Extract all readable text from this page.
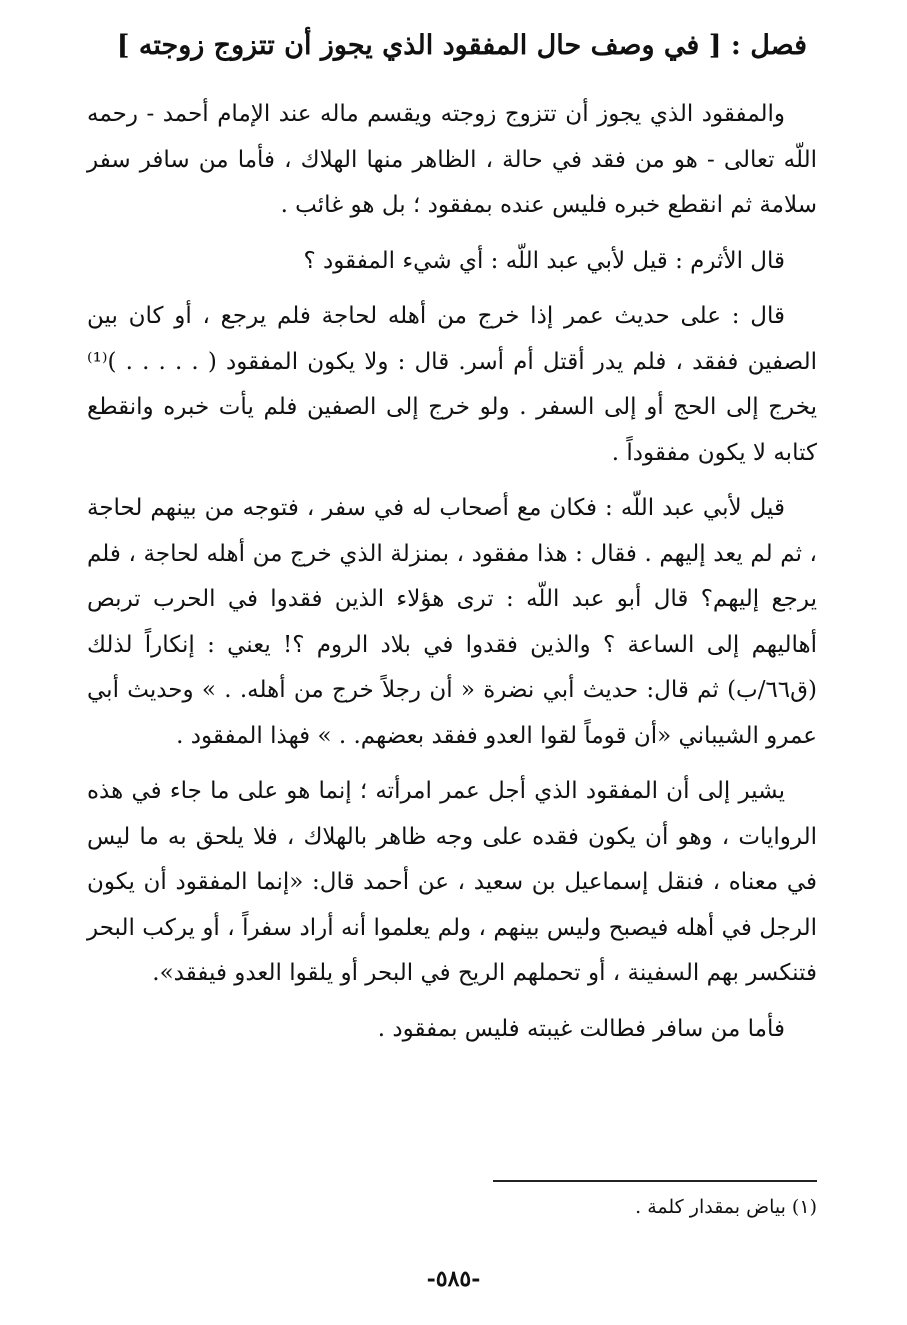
فصل : [ في وصف حال المفقود الذي يجوز أن تتزوج زوجته ]

والمفقود الذي يجوز أن تتزوج زوجته ويقسم ماله عند الإمام أحمد - رحمه اللّه تعالى - هو من فقد في حالة ، الظاهر منها الهلاك ، فأما من سافر سفر سلامة ثم انقطع خبره فليس عنده بمفقود ؛ بل هو غائب .

قال الأثرم : قيل لأبي عبد اللّه : أي شيء المفقود ؟

قال : على حديث عمر إذا خرج من أهله لحاجة فلم يرجع ، أو كان بين الصفين ففقد ، فلم يدر أقتل أم أسر. قال : ولا يكون المفقود ( . . . . . )⁽¹⁾ يخرج إلى الحج أو إلى السفر . ولو خرج إلى الصفين فلم يأت خبره وانقطع كتابه لا يكون مفقوداً .

قيل لأبي عبد اللّه : فكان مع أصحاب له في سفر ، فتوجه من بينهم لحاجة ، ثم لم يعد إليهم . فقال : هذا مفقود ، بمنزلة الذي خرج من أهله لحاجة ، فلم يرجع إليهم؟ قال أبو عبد اللّه : ترى هؤلاء الذين فقدوا في الحرب تربص أهاليهم إلى الساعة ؟ والذين فقدوا في بلاد الروم ؟! يعني : إنكاراً لذلك (ق٦٦/ب) ثم قال: حديث أبي نضرة « أن رجلاً خرج من أهله. . » وحديث أبي عمرو الشيباني «أن قوماً لقوا العدو ففقد بعضهم. . » فهذا المفقود .

يشير إلى أن المفقود الذي أجل عمر امرأته ؛ إنما هو على ما جاء في هذه الروايات ، وهو أن يكون فقده على وجه ظاهر بالهلاك ، فلا يلحق به ما ليس في معناه ، فنقل إسماعيل بن سعيد ، عن أحمد قال: «إنما المفقود أن يكون الرجل في أهله فيصبح وليس بينهم ، ولم يعلموا أنه أراد سفراً ، أو يركب البحر فتنكسر بهم السفينة ، أو تحملهم الريح في البحر أو يلقوا العدو فيفقد».

فأما من سافر فطالت غيبته فليس بمفقود .

(١) بياض بمقدار كلمة .
-٥٨٥-
